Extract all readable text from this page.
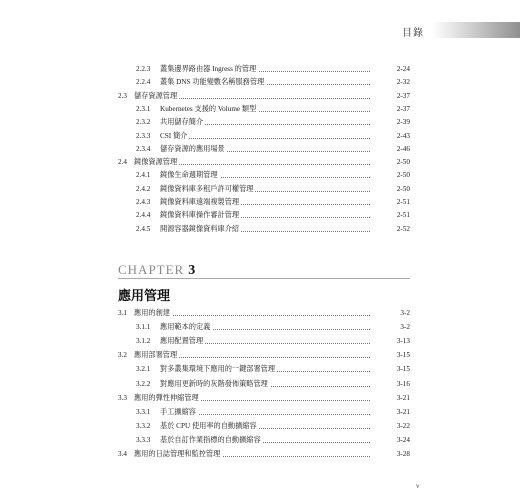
目錄
2.2.3 叢集邊界路由器 Ingress 的管理	2-24
2.2.4 叢集 DNS 功能變數名稱服務管理	2-32
2.3 儲存資源管理	2-37
2.3.1 Kubernetes 支援的 Volume 類型	2-37
2.3.2 共用儲存簡介	2-39
2.3.3 CSI 簡介	2-43
2.3.4 儲存資源的應用場景	2-46
2.4 鏡像資源管理	2-50
2.4.1 鏡像生命週期管理	2-50
2.4.2 鏡像資料庫多租戶許可權管理	2-50
2.4.3 鏡像資料庫遠端複製管理	2-51
2.4.4 鏡像資料庫操作審計管理	2-51
2.4.5 開源容器鏡像資料庫介紹	2-52
CHAPTER 3
應用管理
3.1 應用的創建	3-2
3.1.1 應用範本的定義	3-2
3.1.2 應用配置管理	3-13
3.2 應用部署管理	3-15
3.2.1 對多叢集環境下應用的一鍵部署管理	3-15
3.2.2 對應用更新時的灰階發佈策略管理	3-16
3.3 應用的彈性伸縮管理	3-21
3.3.1 手工擴縮容	3-21
3.3.2 基於 CPU 使用率的自動擴縮容	3-22
3.3.3 基於自訂作業指標的自動擴縮容	3-24
3.4 應用的日誌管理和監控管理	3-28
v
